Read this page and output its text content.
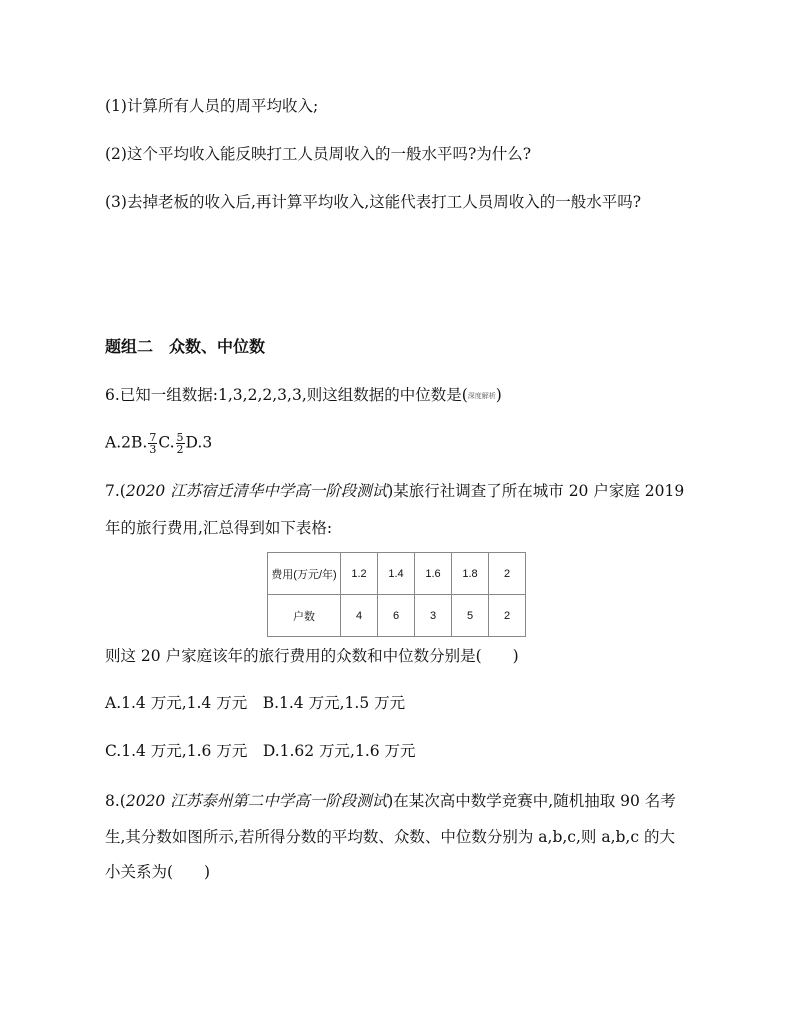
(1)计算所有人员的周平均收入;
(2)这个平均收入能反映打工人员周收入的一般水平吗?为什么?
(3)去掉老板的收入后,再计算平均收入,这能代表打工人员周收入的一般水平吗?
题组二　众数、中位数
6.已知一组数据:1,3,2,2,3,3,则这组数据的中位数是(深度解析)
A.2B. $\frac{7}{3} C$. $\frac{5}{2} D.3$
7.(2020 江苏宿迁清华中学高一阶段测试)某旅行社调查了所在城市 20 户家庭 2019
年的旅行费用,汇总得到如下表格:
费用(万元/年)	1.2	1.4	1.6	1.8	2
户数	4	6	3	5	2
则这 20 户家庭该年的旅行费用的众数和中位数分别是(　　)
A.1.4 万元,1.4 万元　B.1.4 万元,1.5 万元
C.1.4 万元,1.6 万元　D.1.62 万元,1.6 万元
8.(2020 江苏泰州第二中学高一阶段测试)在某次高中数学竞赛中,随机抽取 90 名考
生,其分数如图所示,若所得分数的平均数、众数、中位数分别为 a,b,c,则 a,b,c 的大
小关系为(　　)
